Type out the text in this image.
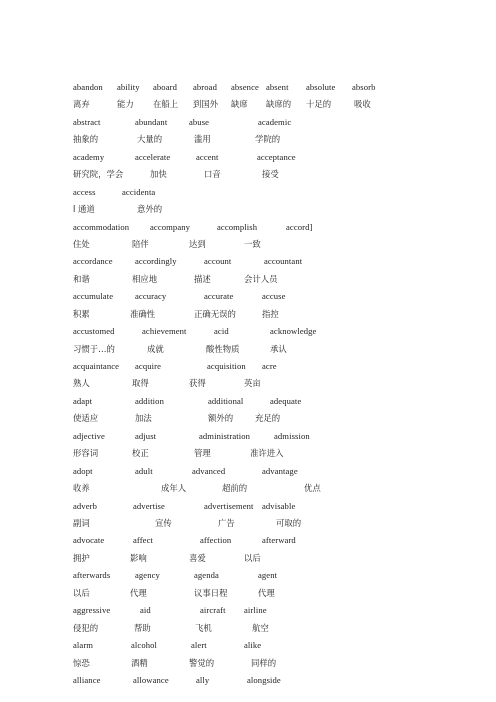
abandon ability aboard abroad absence absent absolute absorb
离弃	能力 在船上 到国外 缺席 缺席的 十足的	吸收
abstract	abundant	abuse	academic
抽象的	大量的	滥用	学院的
academy	accelerate	accent	acceptance
研究院，学会	加快	口音	接受
access	accidenta
l 通道	意外的
accommodation accompany	accomplish	accord]
住处	陪伴	达到	一致
accordance	accordingly	account	accountant
和谐	相应地	描述	会计人员
accumulate	accuracy	accurate	accuse
积累	准确性	正确无误的	指控
accustomed	achievement	acid	acknowledge
习惯于…的	成就	酸性物质	承认
acquaintance acquire	acquisition acre
熟人	取得	获得	英亩
adapt	addition	additional	adequate
使适应	加法	额外的	充足的
adjective	adjust	administration	admission
形容词	校正	管理	准许进入
adopt	adult	advanced	advantage
收养	成年人	超前的	优点
adverb	advertise	advertisement advisable
副词	宣传	广告	可取的
advocate	affect	affection	afterward
拥护	影响	喜爱	以后
afterwards	agency	agenda	agent
以后	代理	议事日程	代理
aggressive	aid	aircraft airline
侵犯的	帮助	飞机	航空
alarm	alcohol	alert	alike
惊恐	酒精	警觉的	同样的
alliance	allowance	ally	alongside
